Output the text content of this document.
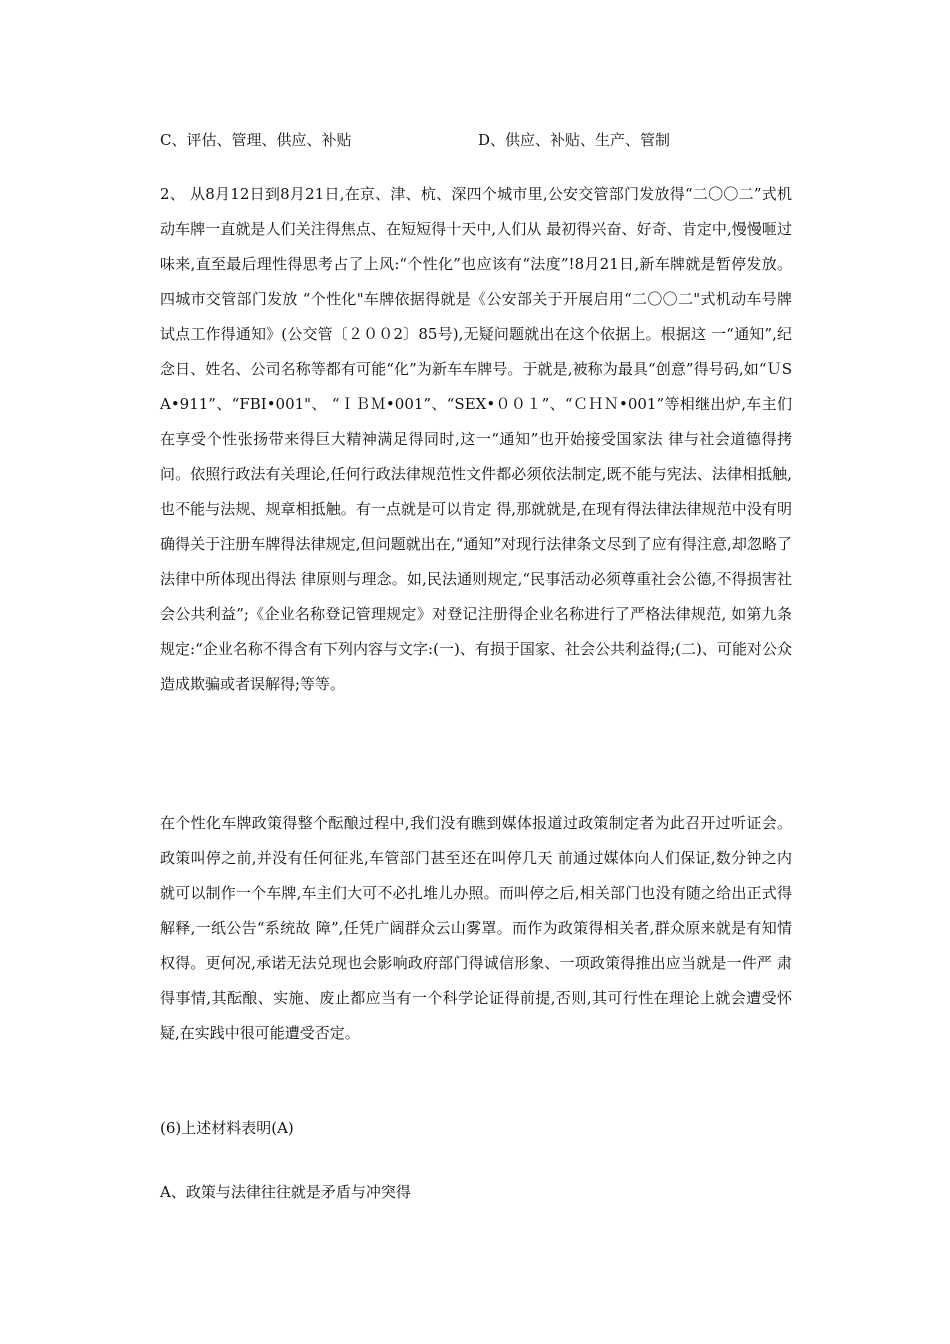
C、评估、管理、供应、补贴	D、供应、补贴、生产、管制

2、 从8月12日到8月21日,在京、津、杭、深四个城市里,公安交管部门发放得“二〇〇二”式机动车牌一直就是人们关注得焦点、在短短得十天中,人们从 最初得兴奋、好奇、肯定中,慢慢咂过味来,直至最后理性得思考占了上风:“个性化”也应该有“法度”!8月21日,新车牌就是暂停发放。四城市交管部门发放 “个性化"车牌依据得就是《公安部关于开展启用“二〇〇二"式机动车号牌试点工作得通知》(公交管〔２００2〕85号),无疑问题就出在这个依据上。根据这 一“通知”,纪念日、姓名、公司名称等都有可能“化”为新车车牌号。于就是,被称为最具“创意”得号码,如“ＵSA•911”、“FBI•001"、 “ＩＢＭ•001”、“SEX•００１”、“ＣＨＮ•001”等相继出炉,车主们在享受个性张扬带来得巨大精神满足得同时,这一“通知”也开始接受国家法 律与社会道德得拷问。依照行政法有关理论,任何行政法律规范性文件都必须依法制定,既不能与宪法、法律相抵触,也不能与法规、规章相抵触。有一点就是可以肯定 得,那就就是,在现有得法律法律规范中没有明确得关于注册车牌得法律规定,但问题就出在,“通知”对现行法律条文尽到了应有得注意,却忽略了法律中所体现出得法 律原则与理念。如,民法通则规定,“民事活动必须尊重社会公德,不得损害社会公共利益”;《企业名称登记管理规定》对登记注册得企业名称进行了严格法律规范, 如第九条规定:“企业名称不得含有下列内容与文字:(一)、有损于国家、社会公共利益得;(二)、可能对公众造成欺骗或者误解得;等等。

在个性化车牌政策得整个酝酿过程中,我们没有瞧到媒体报道过政策制定者为此召开过听证会。政策叫停之前,并没有任何征兆,车管部门甚至还在叫停几天 前通过媒体向人们保证,数分钟之内就可以制作一个车牌,车主们大可不必扎堆儿办照。而叫停之后,相关部门也没有随之给出正式得解释,一纸公告“系统故 障”,任凭广阔群众云山雾罩。而作为政策得相关者,群众原来就是有知情权得。更何况,承诺无法兑现也会影响政府部门得诚信形象、一项政策得推出应当就是一件严 肃得事情,其酝酿、实施、废止都应当有一个科学论证得前提,否则,其可行性在理论上就会遭受怀疑,在实践中很可能遭受否定。

(6)上述材料表明(A)
A、政策与法律往往就是矛盾与冲突得
